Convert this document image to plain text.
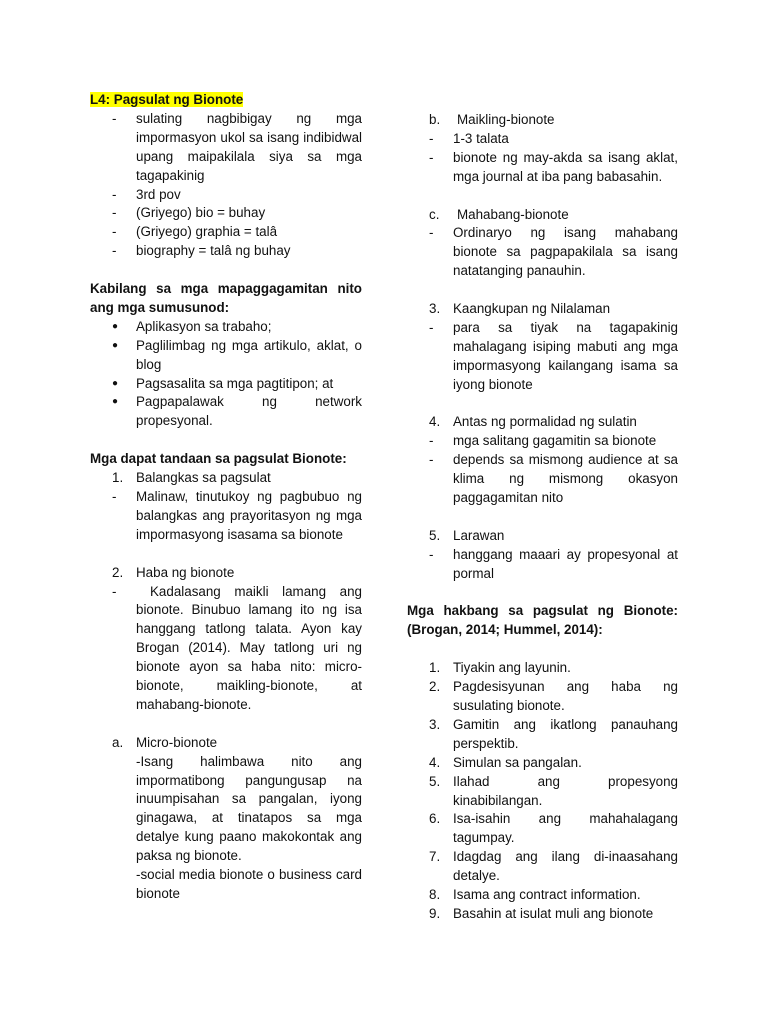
L4: Pagsulat ng Bionote
-	sulating nagbibigay ng mga impormasyon ukol sa isang indibidwal upang maipakilala siya sa mga tagapakinig
-	3rd pov
-	(Griyego) bio = buhay
-	(Griyego) graphia = talâ
-	biography = talâ ng buhay
Kabilang sa mga mapaggagamitan nito ang mga sumusunod:
●	Aplikasyon sa trabaho;
●	Paglilimbag ng mga artikulo, aklat, o blog
●	Pagsasalita sa mga pagtitipon; at
●	Pagpapalawak ng network propesyonal.
Mga dapat tandaan sa pagsulat Bionote:
1. Balangkas sa pagsulat
-	Malinaw, tinutukoy ng pagbubuo ng balangkas ang prayoritasyon ng mga impormasyong isasama sa bionote
2. Haba ng bionote
-	Kadalasang maikli lamang ang bionote. Binubuo lamang ito ng isa hanggang tatlong talata. Ayon kay Brogan (2014). May tatlong uri ng bionote ayon sa haba nito: micro-bionote, maikling-bionote, at mahabang-bionote.
a. Micro-bionote
-Isang halimbawa nito ang impormatibong pangungusap na inuumpisahan sa pangalan, iyong ginagawa, at tinatapos sa mga detalye kung paano makokontak ang paksa ng bionote.
-social media bionote o business card bionote
b.	Maikling-bionote
-	1-3 talata
-	bionote ng may-akda sa isang aklat, mga journal at iba pang babasahin.
c.	Mahabang-bionote
-	Ordinaryo ng isang mahabang bionote sa pagpapakilala sa isang natatanging panauhin.
3. Kaangkupan ng Nilalaman
-	para sa tiyak na tagapakinig mahalagang isiping mabuti ang mga impormasyong kailangang isama sa iyong bionote
4. Antas ng pormalidad ng sulatin
-	mga salitang gagamitin sa bionote
-	depends sa mismong audience at sa klima ng mismong okasyon paggagamitan nito
5. Larawan
-	hanggang maaari ay propesyonal at pormal
Mga hakbang sa pagsulat ng Bionote: (Brogan, 2014; Hummel, 2014):
1. Tiyakin ang layunin.
2. Pagdesisyunan ang haba ng susulating bionote.
3. Gamitin ang ikatlong panauhang perspektib.
4. Simulan sa pangalan.
5. Ilahad ang propesyong kinabibilangan.
6. Isa-isahin ang mahahalagang tagumpay.
7. Idagdag ang ilang di-inaasahang detalye.
8. Isama ang contract information.
9. Basahin at isulat muli ang bionote
